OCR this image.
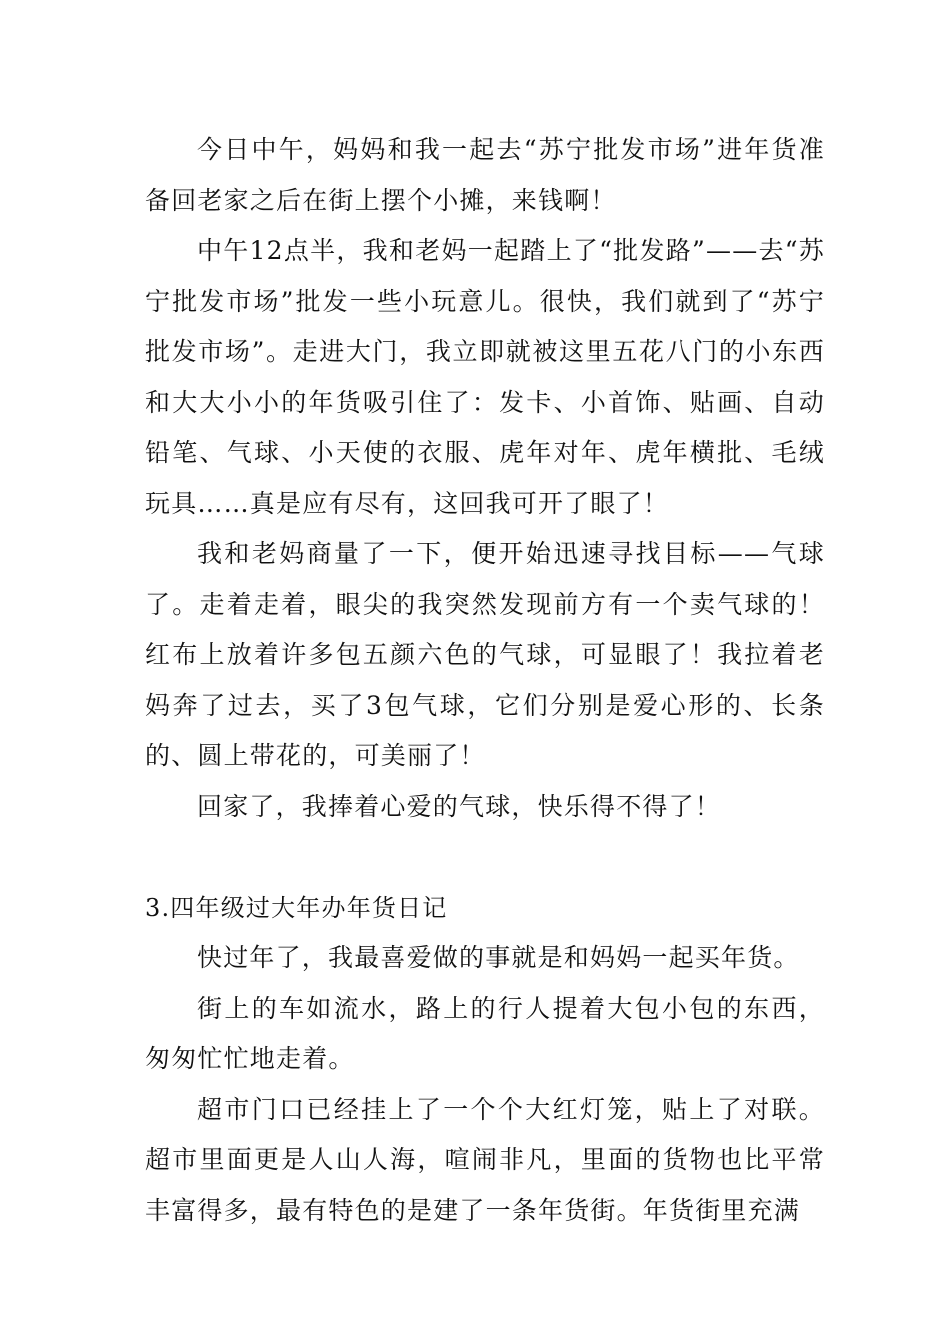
今日中午，妈妈和我一起去“苏宁批发市场”进年货准备回老家之后在街上摆个小摊，来钱啊！

中午12点半，我和老妈一起踏上了“批发路”——去“苏宁批发市场”批发一些小玩意儿。很快，我们就到了“苏宁批发市场”。走进大门，我立即就被这里五花八门的小东西和大大小小的年货吸引住了：发卡、小首饰、贴画、自动铅笔、气球、小天使的衣服、虎年对年、虎年横批、毛绒玩具……真是应有尽有，这回我可开了眼了！

我和老妈商量了一下，便开始迅速寻找目标——气球了。走着走着，眼尖的我突然发现前方有一个卖气球的！红布上放着许多包五颜六色的气球，可显眼了！我拉着老妈奔了过去，买了3包气球，它们分别是爱心形的、长条的、圆上带花的，可美丽了！

回家了，我捧着心爱的气球，快乐得不得了！

3.四年级过大年办年货日记

快过年了，我最喜爱做的事就是和妈妈一起买年货。

街上的车如流水，路上的行人提着大包小包的东西，匆匆忙忙地走着。

超市门口已经挂上了一个个大红灯笼，贴上了对联。超市里面更是人山人海，喧闹非凡，里面的货物也比平常丰富得多，最有特色的是建了一条年货街。年货街里充满
